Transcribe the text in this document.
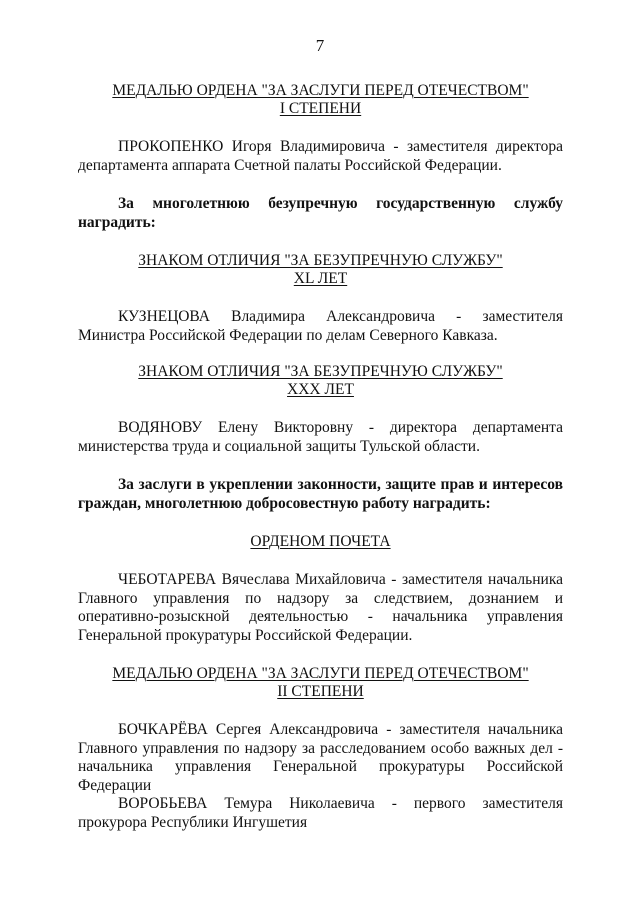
7
МЕДАЛЬЮ ОРДЕНА "ЗА ЗАСЛУГИ ПЕРЕД ОТЕЧЕСТВОМ"
I СТЕПЕНИ
ПРОКОПЕНКО Игоря Владимировича - заместителя директора департамента аппарата Счетной палаты Российской Федерации.
За многолетнюю безупречную государственную службу наградить:
ЗНАКОМ ОТЛИЧИЯ "ЗА БЕЗУПРЕЧНУЮ СЛУЖБУ"
XL ЛЕТ
КУЗНЕЦОВА Владимира Александровича - заместителя Министра Российской Федерации по делам Северного Кавказа.
ЗНАКОМ ОТЛИЧИЯ "ЗА БЕЗУПРЕЧНУЮ СЛУЖБУ"
XXX ЛЕТ
ВОДЯНОВУ Елену Викторовну - директора департамента министерства труда и социальной защиты Тульской области.
За заслуги в укреплении законности, защите прав и интересов граждан, многолетнюю добросовестную работу наградить:
ОРДЕНОМ ПОЧЕТА
ЧЕБОТАРЕВА Вячеслава Михайловича - заместителя начальника Главного управления по надзору за следствием, дознанием и оперативно-розыскной деятельностью - начальника управления Генеральной прокуратуры Российской Федерации.
МЕДАЛЬЮ ОРДЕНА "ЗА ЗАСЛУГИ ПЕРЕД ОТЕЧЕСТВОМ"
II СТЕПЕНИ
БОЧКАРЁВА Сергея Александровича - заместителя начальника Главного управления по надзору за расследованием особо важных дел - начальника управления Генеральной прокуратуры Российской Федерации
ВОРОБЬЕВА Темура Николаевича - первого заместителя прокурора Республики Ингушетия
